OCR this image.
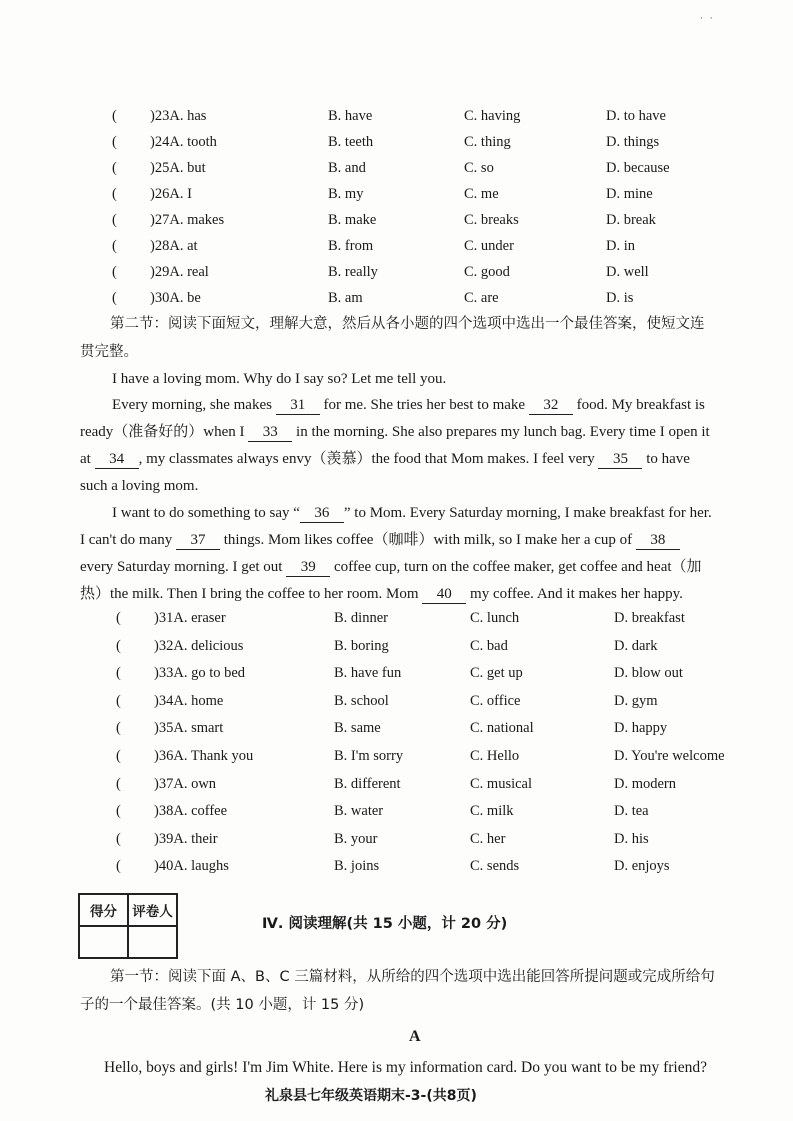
· ·
( )23A. has	B. have	C. having	D. to have
( )24A. tooth	B. teeth	C. thing	D. things
( )25A. but	B. and	C. so	D. because
( )26A. I	B. my	C. me	D. mine
( )27A. makes	B. make	C. breaks	D. break
( )28A. at	B. from	C. under	D. in
( )29A. real	B. really	C. good	D. well
( )30A. be	B. am	C. are	D. is
第二节：阅读下面短文，理解大意，然后从各小题的四个选项中选出一个最佳答案，使短文连
贯完整。
I have a loving mom. Why do I say so? Let me tell you.
Every morning, she makes 31 for me. She tries her best to make 32 food. My breakfast is
ready（准备好的）when I 33 in the morning. She also prepares my lunch bag. Every time I open it
at 34 , my classmates always envy（羡慕）the food that Mom makes. I feel very 35 to have
such a loving mom.
I want to do something to say “ 36 ” to Mom. Every Saturday morning, I make breakfast for her.
I can't do many 37 things. Mom likes coffee（咖啡）with milk, so I make her a cup of 38
every Saturday morning. I get out 39 coffee cup, turn on the coffee maker, get coffee and heat（加
热）the milk. Then I bring the coffee to her room. Mom 40 my coffee. And it makes her happy.
( )31A. eraser	B. dinner	C. lunch	D. breakfast
( )32A. delicious	B. boring	C. bad	D. dark
( )33A. go to bed	B. have fun	C. get up	D. blow out
( )34A. home	B. school	C. office	D. gym
( )35A. smart	B. same	C. national	D. happy
( )36A. Thank you	B. I'm sorry	C. Hello	D. You're welcome
( )37A. own	B. different	C. musical	D. modern
( )38A. coffee	B. water	C. milk	D. tea
( )39A. their	B. your	C. her	D. his
( )40A. laughs	B. joins	C. sends	D. enjoys
得分	评卷人

Ⅳ. 阅读理解(共 15 小题，计 20 分)
第一节：阅读下面 A、B、C 三篇材料，从所给的四个选项中选出能回答所提问题或完成所给句
子的一个最佳答案。(共 10 小题，计 15 分)
A
Hello, boys and girls! I'm Jim White. Here is my information card. Do you want to be my friend?
礼泉县七年级英语期末-3-(共8页)
